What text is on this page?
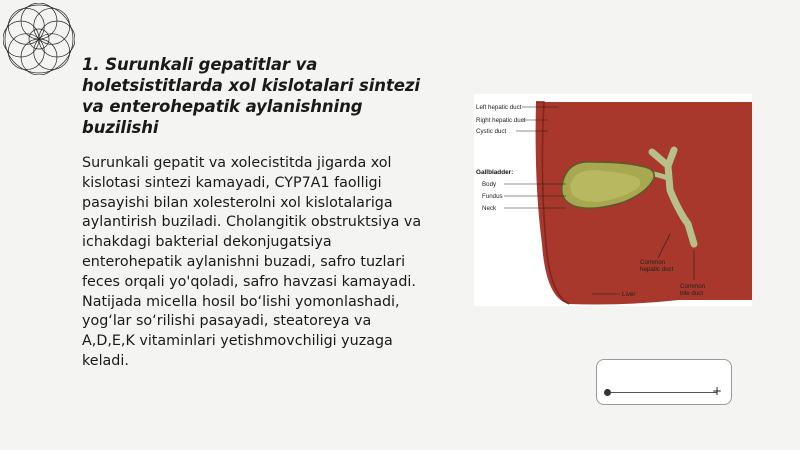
1. Surunkali gepatitlar va holetsistitlarda xol kislotalari sintezi va enterohepatik aylanishning buzilishi

Surunkali gepatit va xolecistitda jigarda xol kislotasi sintezi kamayadi, CYP7A1 faolligi pasayishi bilan xolesterolni xol kislotalariga aylantirish buziladi. Cholangitik obstruktsiya va ichakdagi bakterial dekonjugatsiya enterohepatik aylanishni buzadi, safro tuzlari feces orqali yo'qoladi, safro havzasi kamayadi. Natijada micella hosil bo‘lishi yomonlashadi, yog‘lar so‘rilishi pasayadi, steatoreya va A,D,E,K vitaminlari yetishmovchiligi yuzaga keladi.

Left hepatic duct
Right hepatic duct
Cystic duct
Gallbladder:
Body
Fundus
Neck
Common
hepatic duct
Liver
Common
bile duct
+
